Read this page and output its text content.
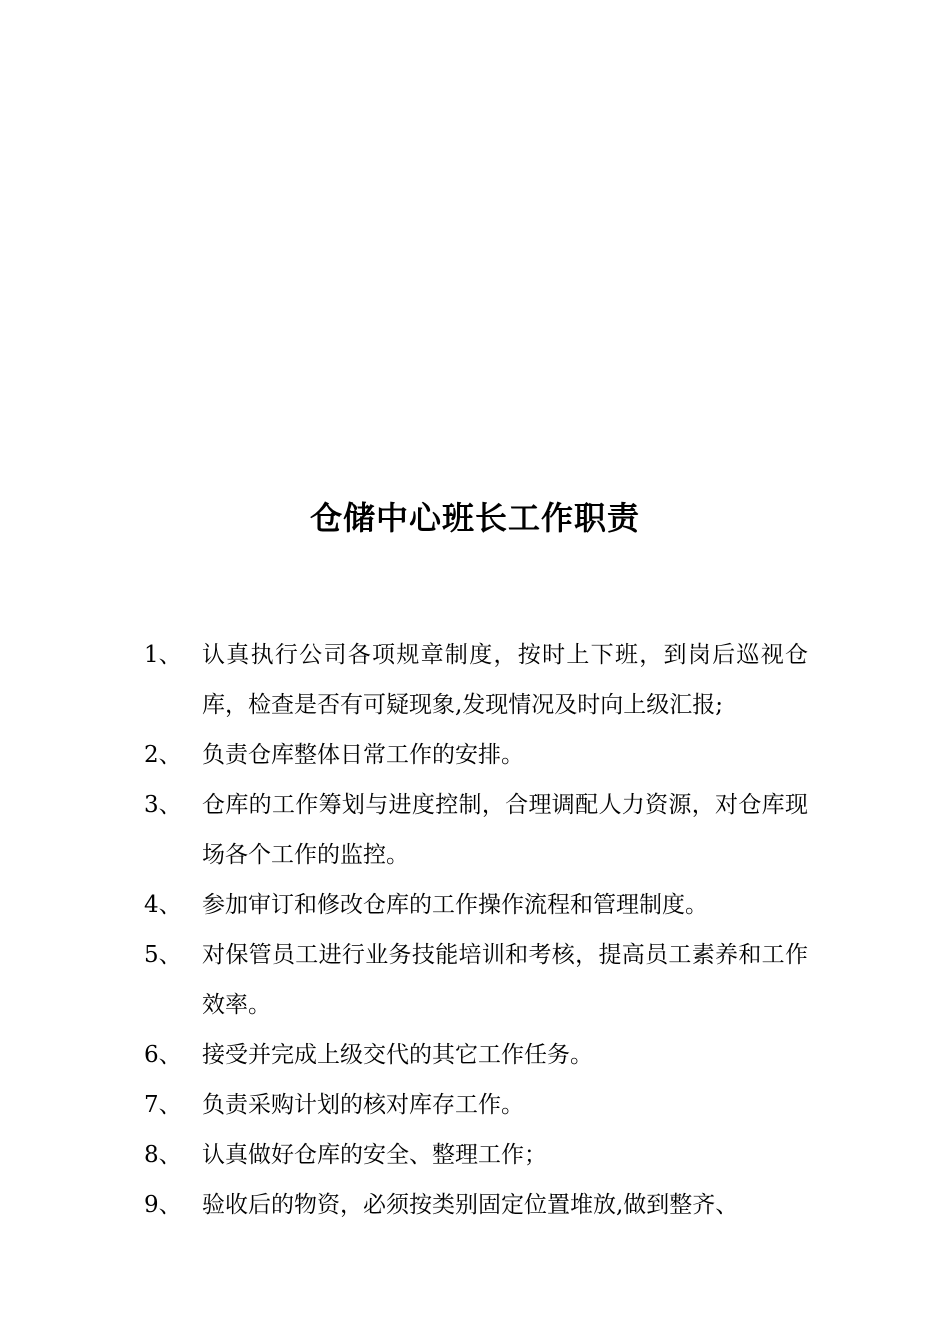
仓储中心班长工作职责
1、 认真执行公司各项规章制度，按时上下班，到岗后巡视仓库，检查是否有可疑现象,发现情况及时向上级汇报;
2、 负责仓库整体日常工作的安排。
3、 仓库的工作筹划与进度控制，合理调配人力资源，对仓库现场各个工作的监控。
4、 参加审订和修改仓库的工作操作流程和管理制度。
5、 对保管员工进行业务技能培训和考核，提高员工素养和工作效率。
6、 接受并完成上级交代的其它工作任务。
7、 负责采购计划的核对库存工作。
8、 认真做好仓库的安全、整理工作；
9、 验收后的物资，必须按类别固定位置堆放,做到整齐、
